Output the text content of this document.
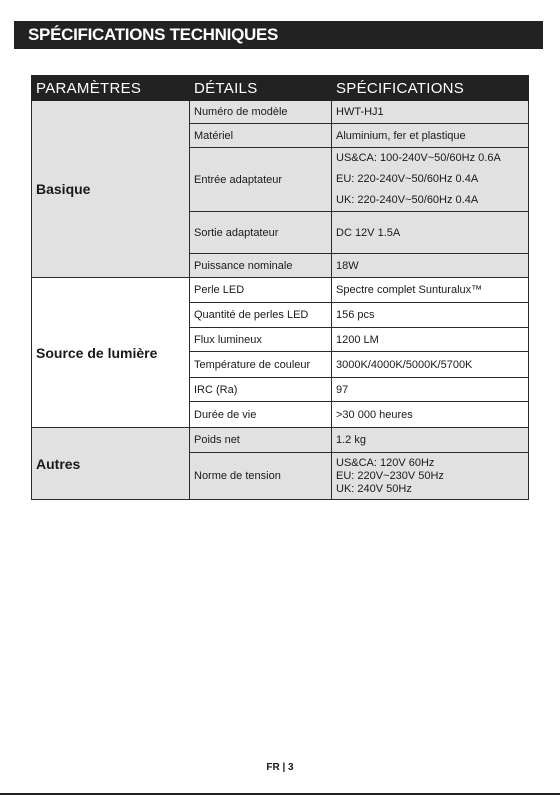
SPÉCIFICATIONS TECHNIQUES
PARAMÈTRES	DÉTAILS	SPÉCIFICATIONS
Basique	Numéro de modèle	HWT-HJ1

	Matériel	Aluminium, fer et plastique

	Entrée adaptateur	US&CA: 100-240V~50/60Hz 0.6A
EU: 220-240V~50/60Hz 0.4A
UK: 220-240V~50/60Hz 0.4A

	Sortie adaptateur	DC 12V 1.5A

	Puissance nominale	18W

Source de lumière	Perle LED	Spectre complet Sunturalux™

	Quantité de perles LED	156 pcs

	Flux lumineux	1200 LM

	Température de couleur	3000K/4000K/5000K/5700K

	IRC (Ra)	97

	Durée de vie	>30 000 heures

Autres	Poids net	1.2 kg

	Norme de tension	US&CA: 120V 60Hz
EU: 220V~230V 50Hz
UK: 240V 50Hz
FR | 3
